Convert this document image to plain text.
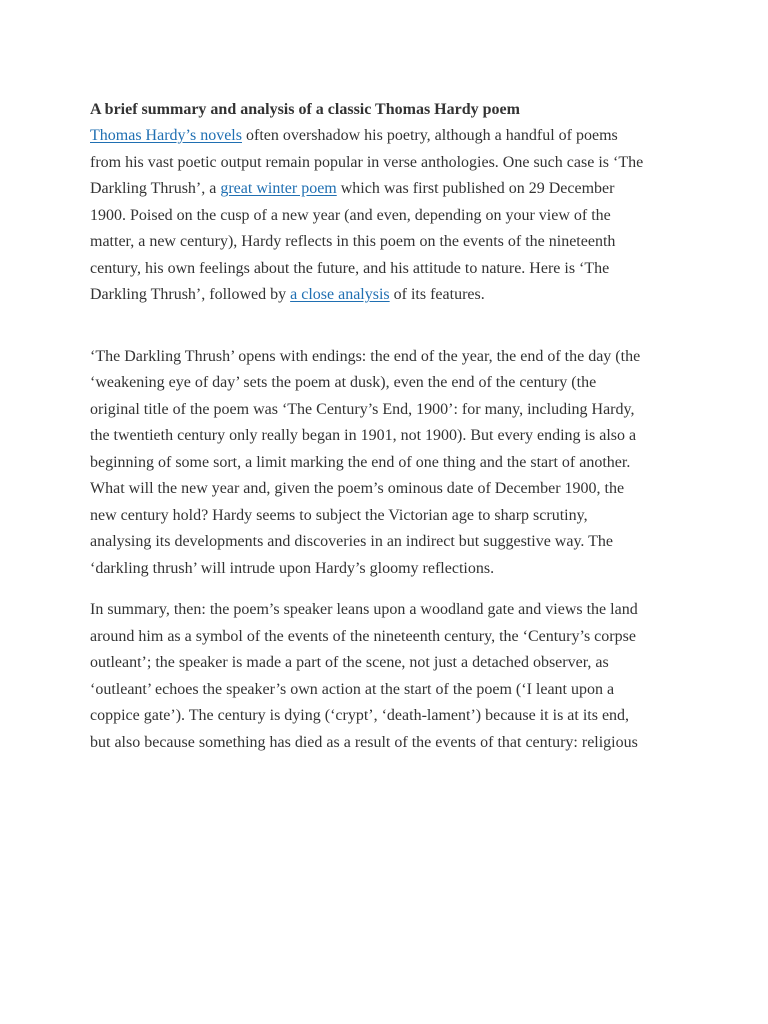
A brief summary and analysis of a classic Thomas Hardy poem

Thomas Hardy’s novels often overshadow his poetry, although a handful of poems
from his vast poetic output remain popular in verse anthologies. One such case is ‘The
Darkling Thrush’, a great winter poem which was first published on 29 December
1900. Poised on the cusp of a new year (and even, depending on your view of the
matter, a new century), Hardy reflects in this poem on the events of the nineteenth
century, his own feelings about the future, and his attitude to nature. Here is ‘The
Darkling Thrush’, followed by a close analysis of its features.
‘The Darkling Thrush’ opens with endings: the end of the year, the end of the day (the
‘weakening eye of day’ sets the poem at dusk), even the end of the century (the
original title of the poem was ‘The Century’s End, 1900’: for many, including Hardy,
the twentieth century only really began in 1901, not 1900). But every ending is also a
beginning of some sort, a limit marking the end of one thing and the start of another.
What will the new year and, given the poem’s ominous date of December 1900, the
new century hold? Hardy seems to subject the Victorian age to sharp scrutiny,
analysing its developments and discoveries in an indirect but suggestive way. The
‘darkling thrush’ will intrude upon Hardy’s gloomy reflections.
In summary, then: the poem’s speaker leans upon a woodland gate and views the land
around him as a symbol of the events of the nineteenth century, the ‘Century’s corpse
outleant’; the speaker is made a part of the scene, not just a detached observer, as
‘outleant’ echoes the speaker’s own action at the start of the poem (‘I leant upon a
coppice gate’). The century is dying (‘crypt’, ‘death-lament’) because it is at its end,
but also because something has died as a result of the events of that century: religious
